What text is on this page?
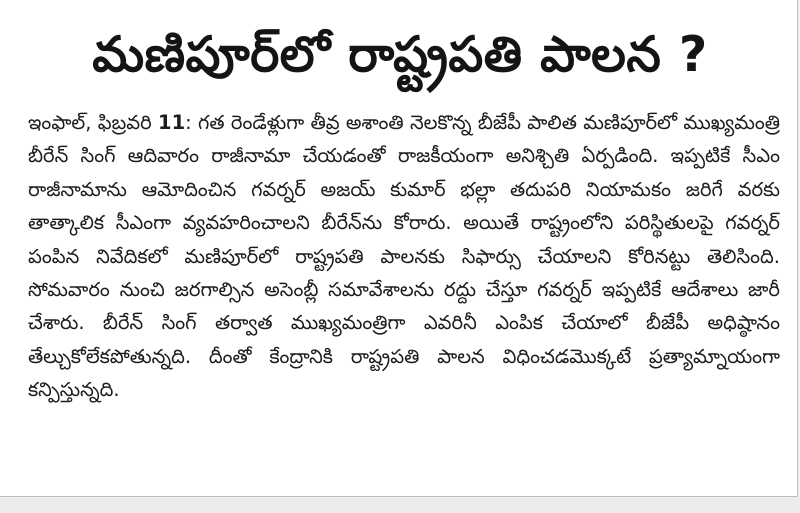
మణిపూర్‌లో రాష్ట్రపతి పాలన ?

ఇంఫాల్, ఫిబ్రవరి 11: గత రెండేళ్లుగా తీవ్ర అశాంతి నెలకొన్న బీజేపీ పాలిత మణిపూర్‌లో ముఖ్యమంత్రి బీరేన్ సింగ్ ఆదివారం రాజీనామా చేయడంతో రాజకీయంగా అనిశ్చితి ఏర్పడింది. ఇప్పటికే సీఎం రాజీనామాను ఆమోదించిన గవర్నర్ అజయ్ కుమార్ భల్లా తదుపరి నియామకం జరిగే వరకు తాత్కాలిక సీఎంగా వ్యవహరించాలని బీరేన్‌ను కోరారు. అయితే రాష్ట్రంలోని పరిస్థితులపై గవర్నర్ పంపిన నివేదికలో మణిపూర్‌లో రాష్ట్రపతి పాలనకు సిఫార్సు చేయాలని కోరినట్టు తెలిసింది. సోమవారం నుంచి జరగాల్సిన అసెంబ్లీ సమావేశాలను రద్దు చేస్తూ గవర్నర్ ఇప్పటికే ఆదేశాలు జారీ చేశారు. బీరేన్ సింగ్ తర్వాత ముఖ్యమంత్రిగా ఎవరినీ ఎంపిక చేయాలో బీజేపీ అధిష్ఠానం తేల్చుకోలేకపోతున్నది. దీంతో కేంద్రానికి రాష్ట్రపతి పాలన విధించడమొక్కటే ప్రత్యామ్నాయంగా కన్పిస్తున్నది.
